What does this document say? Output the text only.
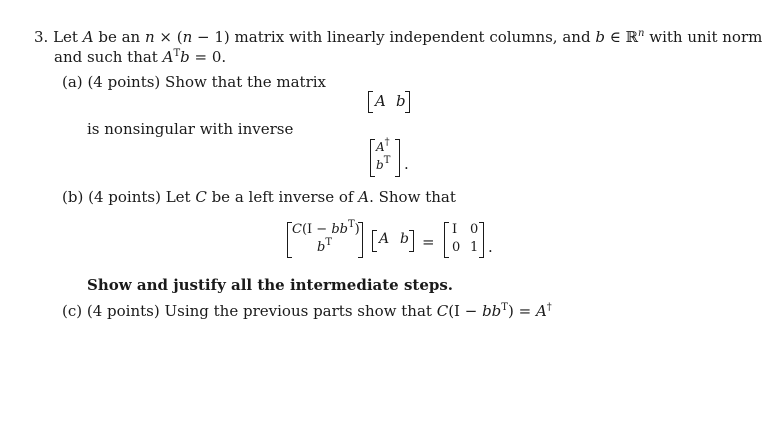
3. Let A be an n × (n − 1) matrix with linearly independent columns, and b ∈ ℝ$^n$ with unit norm
and such that $A^Tb = 0$.
(a) (4 points) Show that the matrix
A b
is nonsingular with inverse
A†
$b^T$ .
(b) (4 points) Let C be a left inverse of A. Show that
$C(I - bb^T)$
$b^T$	A b =
I 0
0 1 .
Show and justify all the intermediate steps.
(c) (4 points) Using the previous parts show that $C(I - bb^T) = A^\dagger$
